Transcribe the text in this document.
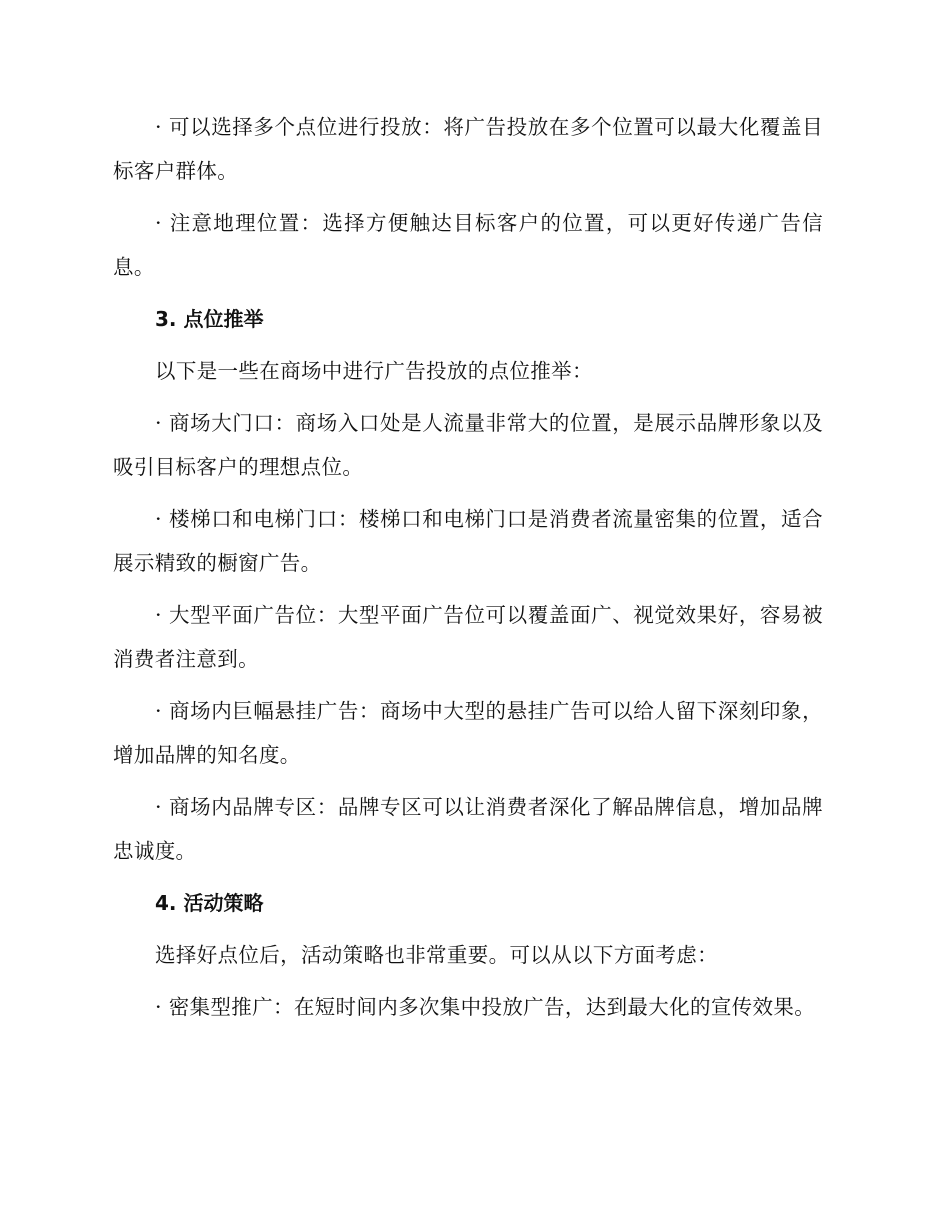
· 可以选择多个点位进行投放：将广告投放在多个位置可以最大化覆盖目标客户群体。

· 注意地理位置：选择方便触达目标客户的位置，可以更好传递广告信息。

3. 点位推举

以下是一些在商场中进行广告投放的点位推举：

· 商场大门口：商场入口处是人流量非常大的位置，是展示品牌形象以及吸引目标客户的理想点位。

· 楼梯口和电梯门口：楼梯口和电梯门口是消费者流量密集的位置，适合展示精致的橱窗广告。

· 大型平面广告位：大型平面广告位可以覆盖面广、视觉效果好，容易被消费者注意到。

· 商场内巨幅悬挂广告：商场中大型的悬挂广告可以给人留下深刻印象，增加品牌的知名度。

· 商场内品牌专区：品牌专区可以让消费者深化了解品牌信息，增加品牌忠诚度。

4. 活动策略

选择好点位后，活动策略也非常重要。可以从以下方面考虑：

· 密集型推广：在短时间内多次集中投放广告，达到最大化的宣传效果。
